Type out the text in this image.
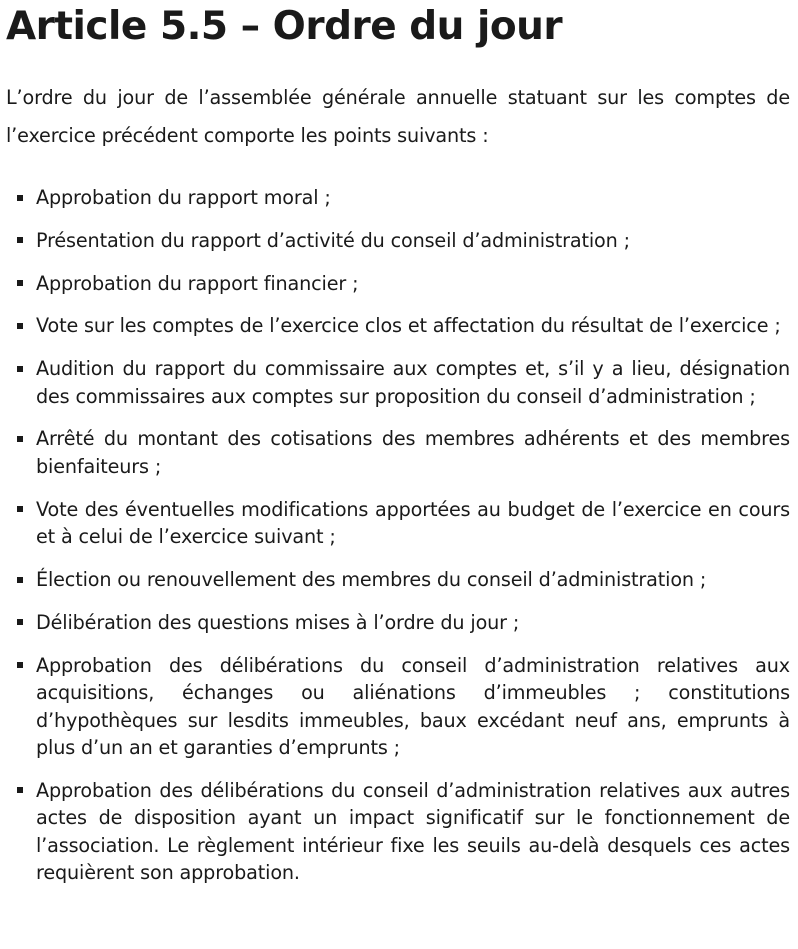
Article 5.5 – Ordre du jour

L’ordre du jour de l’assemblée générale annuelle statuant sur les comptes de l’exercice précédent comporte les points suivants :

Approbation du rapport moral ;
Présentation du rapport d’activité du conseil d’administration ;
Approbation du rapport financier ;
Vote sur les comptes de l’exercice clos et affectation du résultat de l’exercice ;
Audition du rapport du commissaire aux comptes et, s’il y a lieu, désignation des commissaires aux comptes sur proposition du conseil d’administration ;
Arrêté du montant des cotisations des membres adhérents et des membres bienfaiteurs ;
Vote des éventuelles modifications apportées au budget de l’exercice en cours et à celui de l’exercice suivant ;
Élection ou renouvellement des membres du conseil d’administration ;
Délibération des questions mises à l’ordre du jour ;
Approbation des délibérations du conseil d’administration relatives aux acquisitions, échanges ou aliénations d’immeubles ; constitutions d’hypothèques sur lesdits immeubles, baux excédant neuf ans, emprunts à plus d’un an et garanties d’emprunts ;
Approbation des délibérations du conseil d’administration relatives aux autres actes de disposition ayant un impact significatif sur le fonctionnement de l’association. Le règlement intérieur fixe les seuils au-delà desquels ces actes requièrent son approbation.
